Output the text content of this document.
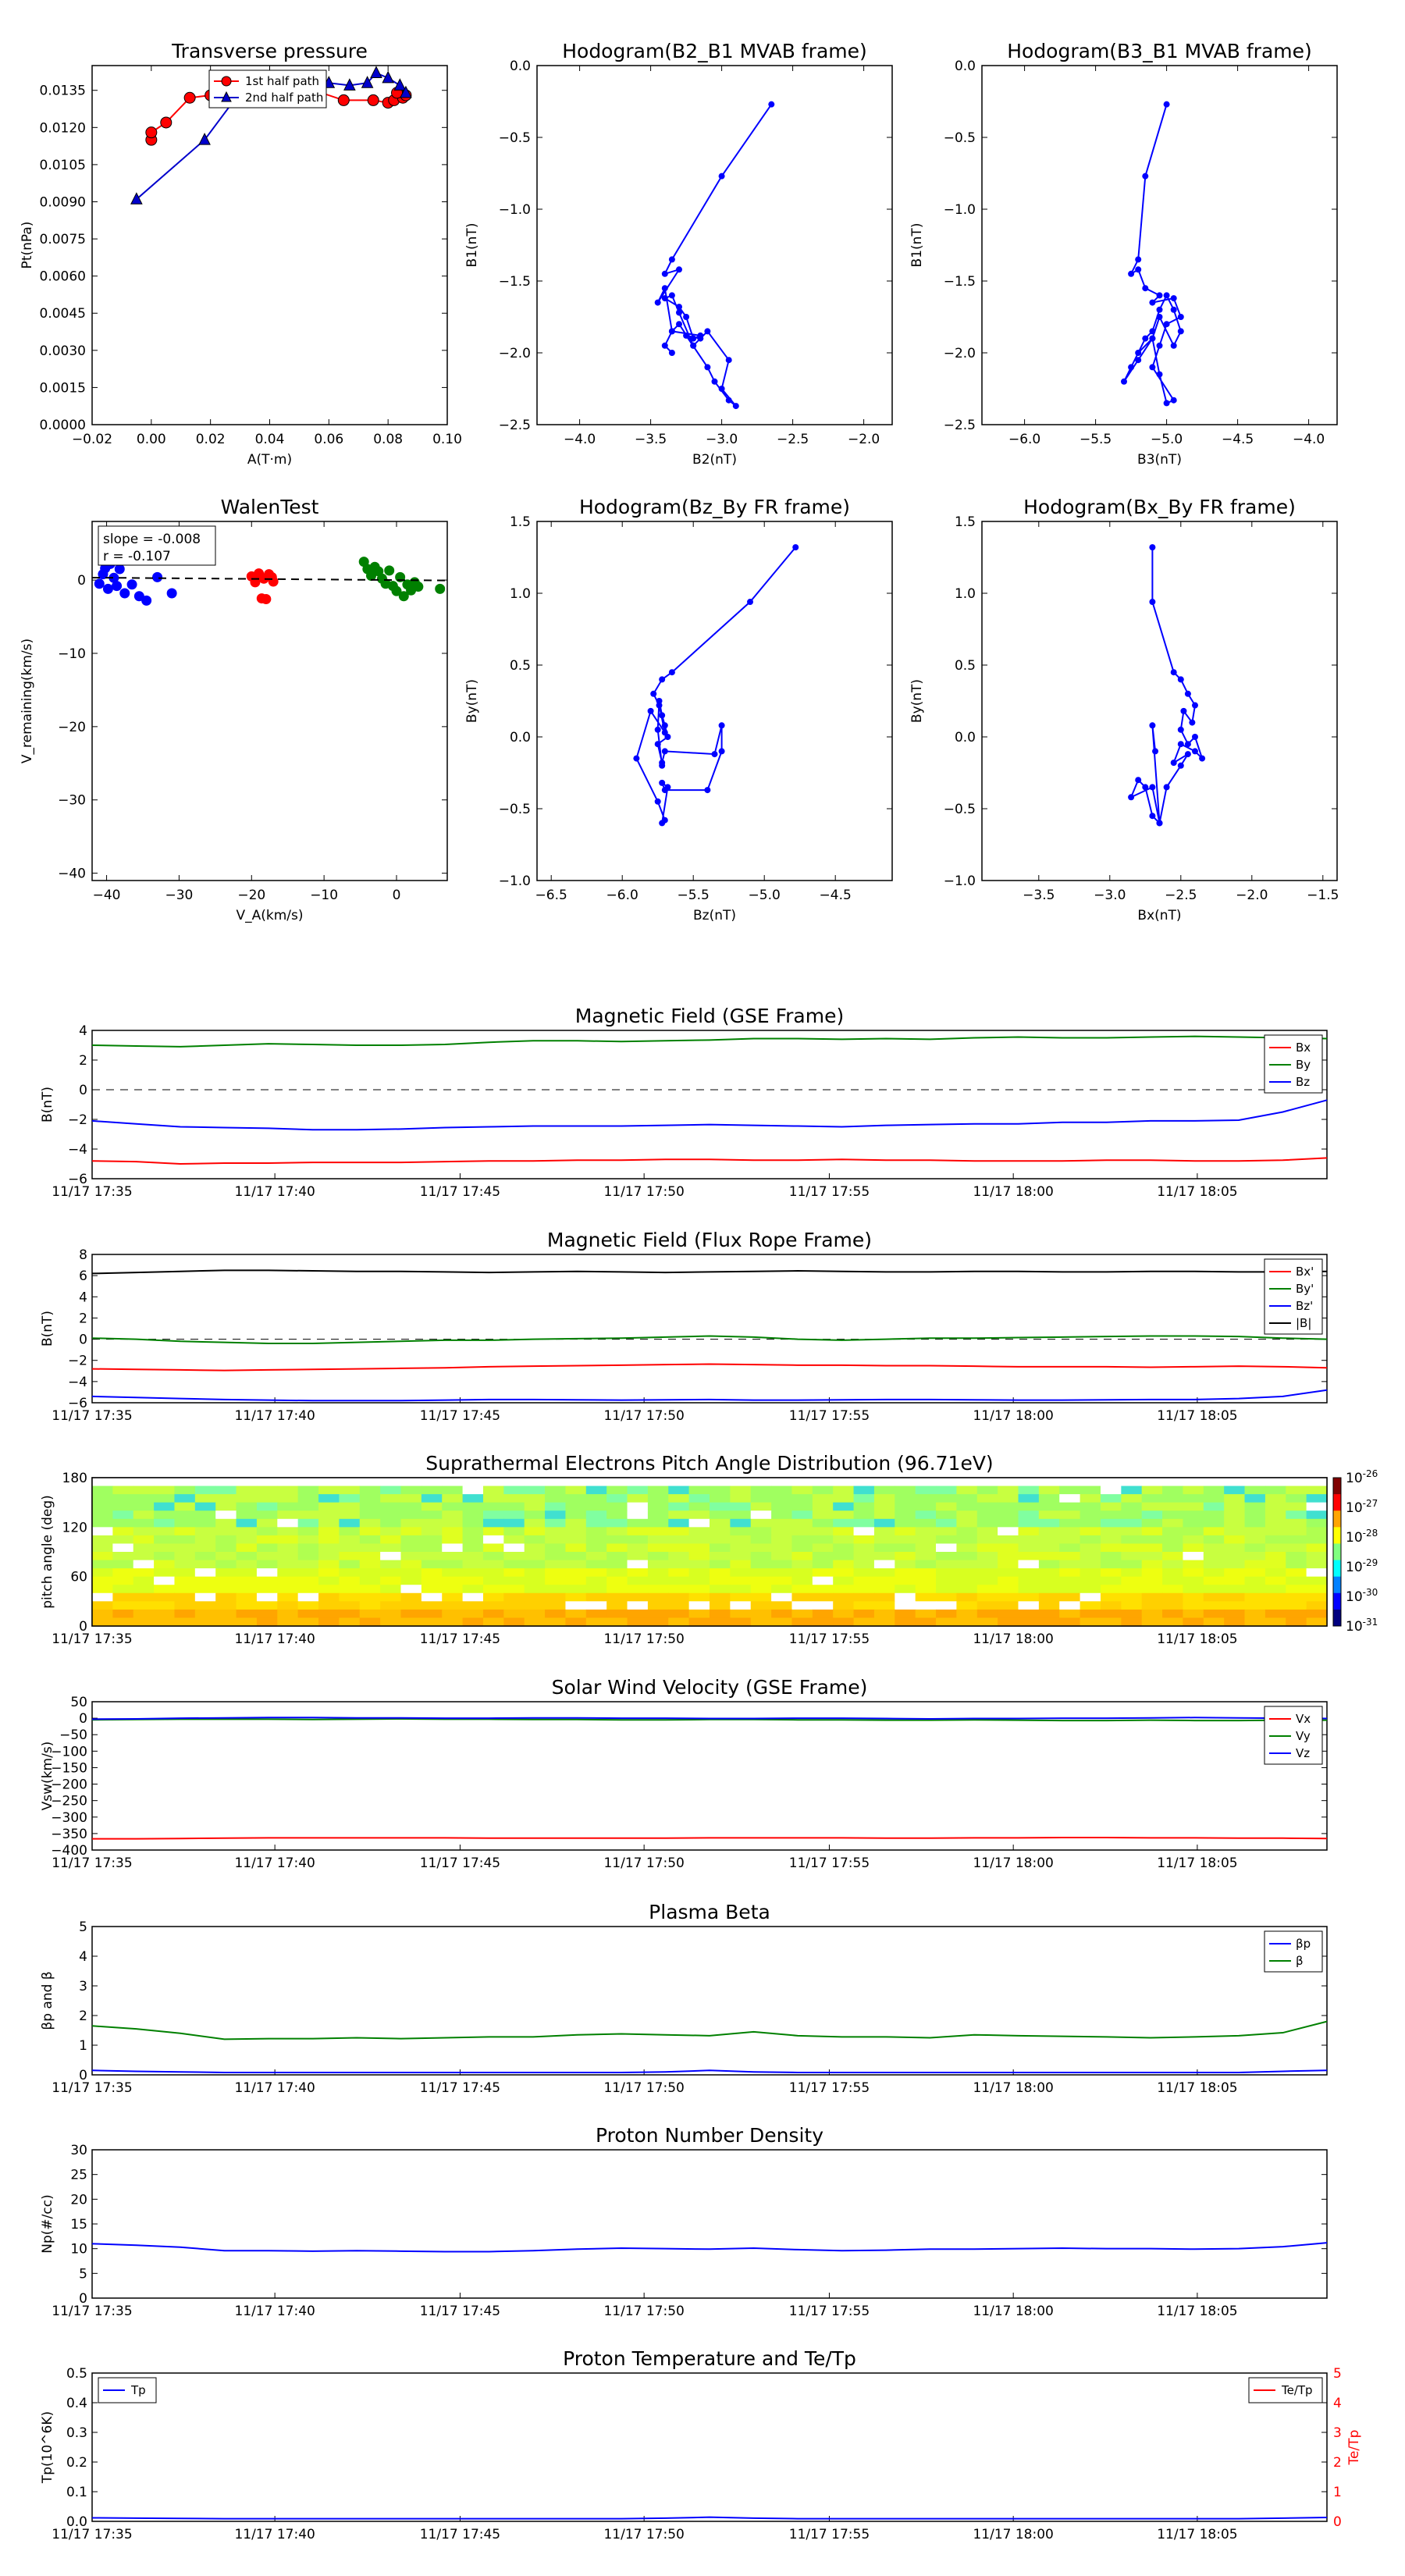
Transverse pressure
A(T·m)
Pt(nPa)
−0.02 0.00 0.02 0.04 0.06 0.08 0.10
0.0000
0.0015
0.0030
0.0045
0.0060
0.0075
0.0090
0.0105
0.0120
0.0135
1st half path
2nd half path
Hodogram(B2_B1 MVAB frame)
B2(nT)
B1(nT)
−4.0	−3.5	−3.0	−2.5	−2.0
0.0
−0.5
−1.0
−1.5
−2.0
−2.5
Hodogram(B3_B1 MVAB frame)
B3(nT)
B1(nT)
−6.0	−5.5	−5.0	−4.5	−4.0
0.0
−0.5
−1.0
−1.5
−2.0
−2.5
WalenTest
V_A(km/s)
V_remaining(km/s)
−40	−30	−20	−10	0
0
−10
−20
−30
−40
slope = -0.008
r = -0.107
Hodogram(Bz_By FR frame)
Bz(nT)
By(nT)
−6.5	−6.0	−5.5	−5.0	−4.5
1.5
1.0
0.5
0.0
−0.5
−1.0
Hodogram(Bx_By FR frame)
Bx(nT)
By(nT)
−3.5	−3.0	−2.5	−2.0	−1.5
1.5
1.0
0.5
0.0
−0.5
−1.0
Magnetic Field (GSE Frame)
B(nT)
4
2
0
−2
−4
−6
11/17 17:35	11/17 17:40	11/17 17:45	11/17 17:50	11/17 17:55	11/17 18:00	11/17 18:05
Bx
By
Bz
Magnetic Field (Flux Rope Frame)
B(nT)
8
6
4
2
0
−2
−4
−6
11/17 17:35	11/17 17:40	11/17 17:45	11/17 17:50	11/17 17:55	11/17 18:00	11/17 18:05
Bx'
By'
Bz'
|B|
Suprathermal Electrons Pitch Angle Distribution (96.71eV)
pitch angle (deg)
180
120
60
0
11/17 17:35	11/17 17:40	11/17 17:45	11/17 17:50	11/17 17:55	11/17 18:00	11/17 18:05
$10^{-26}$
$10^{-27}$
$10^{-28}$
$10^{-29}$
$10^{-30}$
$10^{-31}$
Solar Wind Velocity (GSE Frame)
Vsw(km/s)
50
0
−50
−100
−150
−200
−250
−300
−350
−400
11/17 17:35	11/17 17:40	11/17 17:45	11/17 17:50	11/17 17:55	11/17 18:00	11/17 18:05
Vx
Vy
Vz
Plasma Beta
βp and β
5
4
3
2
1
0
11/17 17:35	11/17 17:40	11/17 17:45	11/17 17:50	11/17 17:55	11/17 18:00	11/17 18:05
βp
β
Proton Number Density
Np(#/cc)
30
25
20
15
10
5
0
11/17 17:35	11/17 17:40	11/17 17:45	11/17 17:50	11/17 17:55	11/17 18:00	11/17 18:05
Proton Temperature and Te/Tp
Tp(10^6K)
0.5
0.4
0.3
0.2
0.1
0.0
11/17 17:35	11/17 17:40	11/17 17:45	11/17 17:50	11/17 17:55	11/17 18:00	11/17 18:05
5
4
3
2
1
0
Te/Tp
Tp	Te/Tp
